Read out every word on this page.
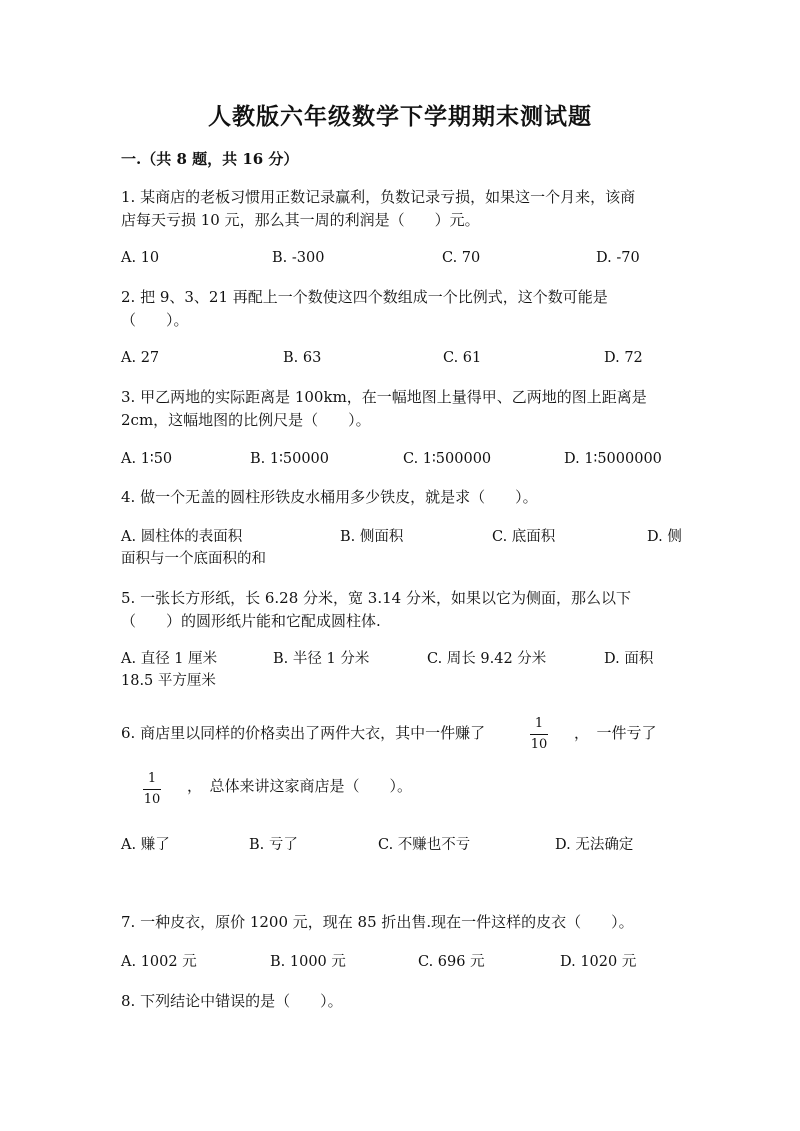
人教版六年级数学下学期期末测试题
一.（共 8 题，共 16 分）
1. 某商店的老板习惯用正数记录赢利，负数记录亏损，如果这一个月来，该商
店每天亏损 10 元，那么其一周的利润是（　　）元。
A. 10	B. -300	C. 70	D. -70
2. 把 9、3、21 再配上一个数使这四个数组成一个比例式，这个数可能是
（　　）。
A. 27	B. 63	C. 61	D. 72
3. 甲乙两地的实际距离是 100km，在一幅地图上量得甲、乙两地的图上距离是
2cm，这幅地图的比例尺是（　　）。
A. 1∶50	B. 1∶50000	C. 1∶500000	D. 1∶5000000
4. 做一个无盖的圆柱形铁皮水桶用多少铁皮，就是求（　　）。
A. 圆柱体的表面积	B. 侧面积	C. 底面积	D. 侧
面积与一个底面积的和
5. 一张长方形纸，长 6.28 分米，宽 3.14 分米，如果以它为侧面，那么以下
（　　）的圆形纸片能和它配成圆柱体.
A. 直径 1 厘米	B. 半径 1 分米	C. 周长 9.42 分米	D. 面积
18.5 平方厘米
6. 商店里以同样的价格卖出了两件大衣，其中一件赚了
1
10
，　一件亏了
1
10
，　总体来讲这家商店是（　　）。
A. 赚了	B. 亏了	C. 不赚也不亏	D. 无法确定
7. 一种皮衣，原价 1200 元，现在 85 折出售.现在一件这样的皮衣（　　）。
A. 1002 元	B. 1000 元	C. 696 元	D. 1020 元
8. 下列结论中错误的是（　　）。
